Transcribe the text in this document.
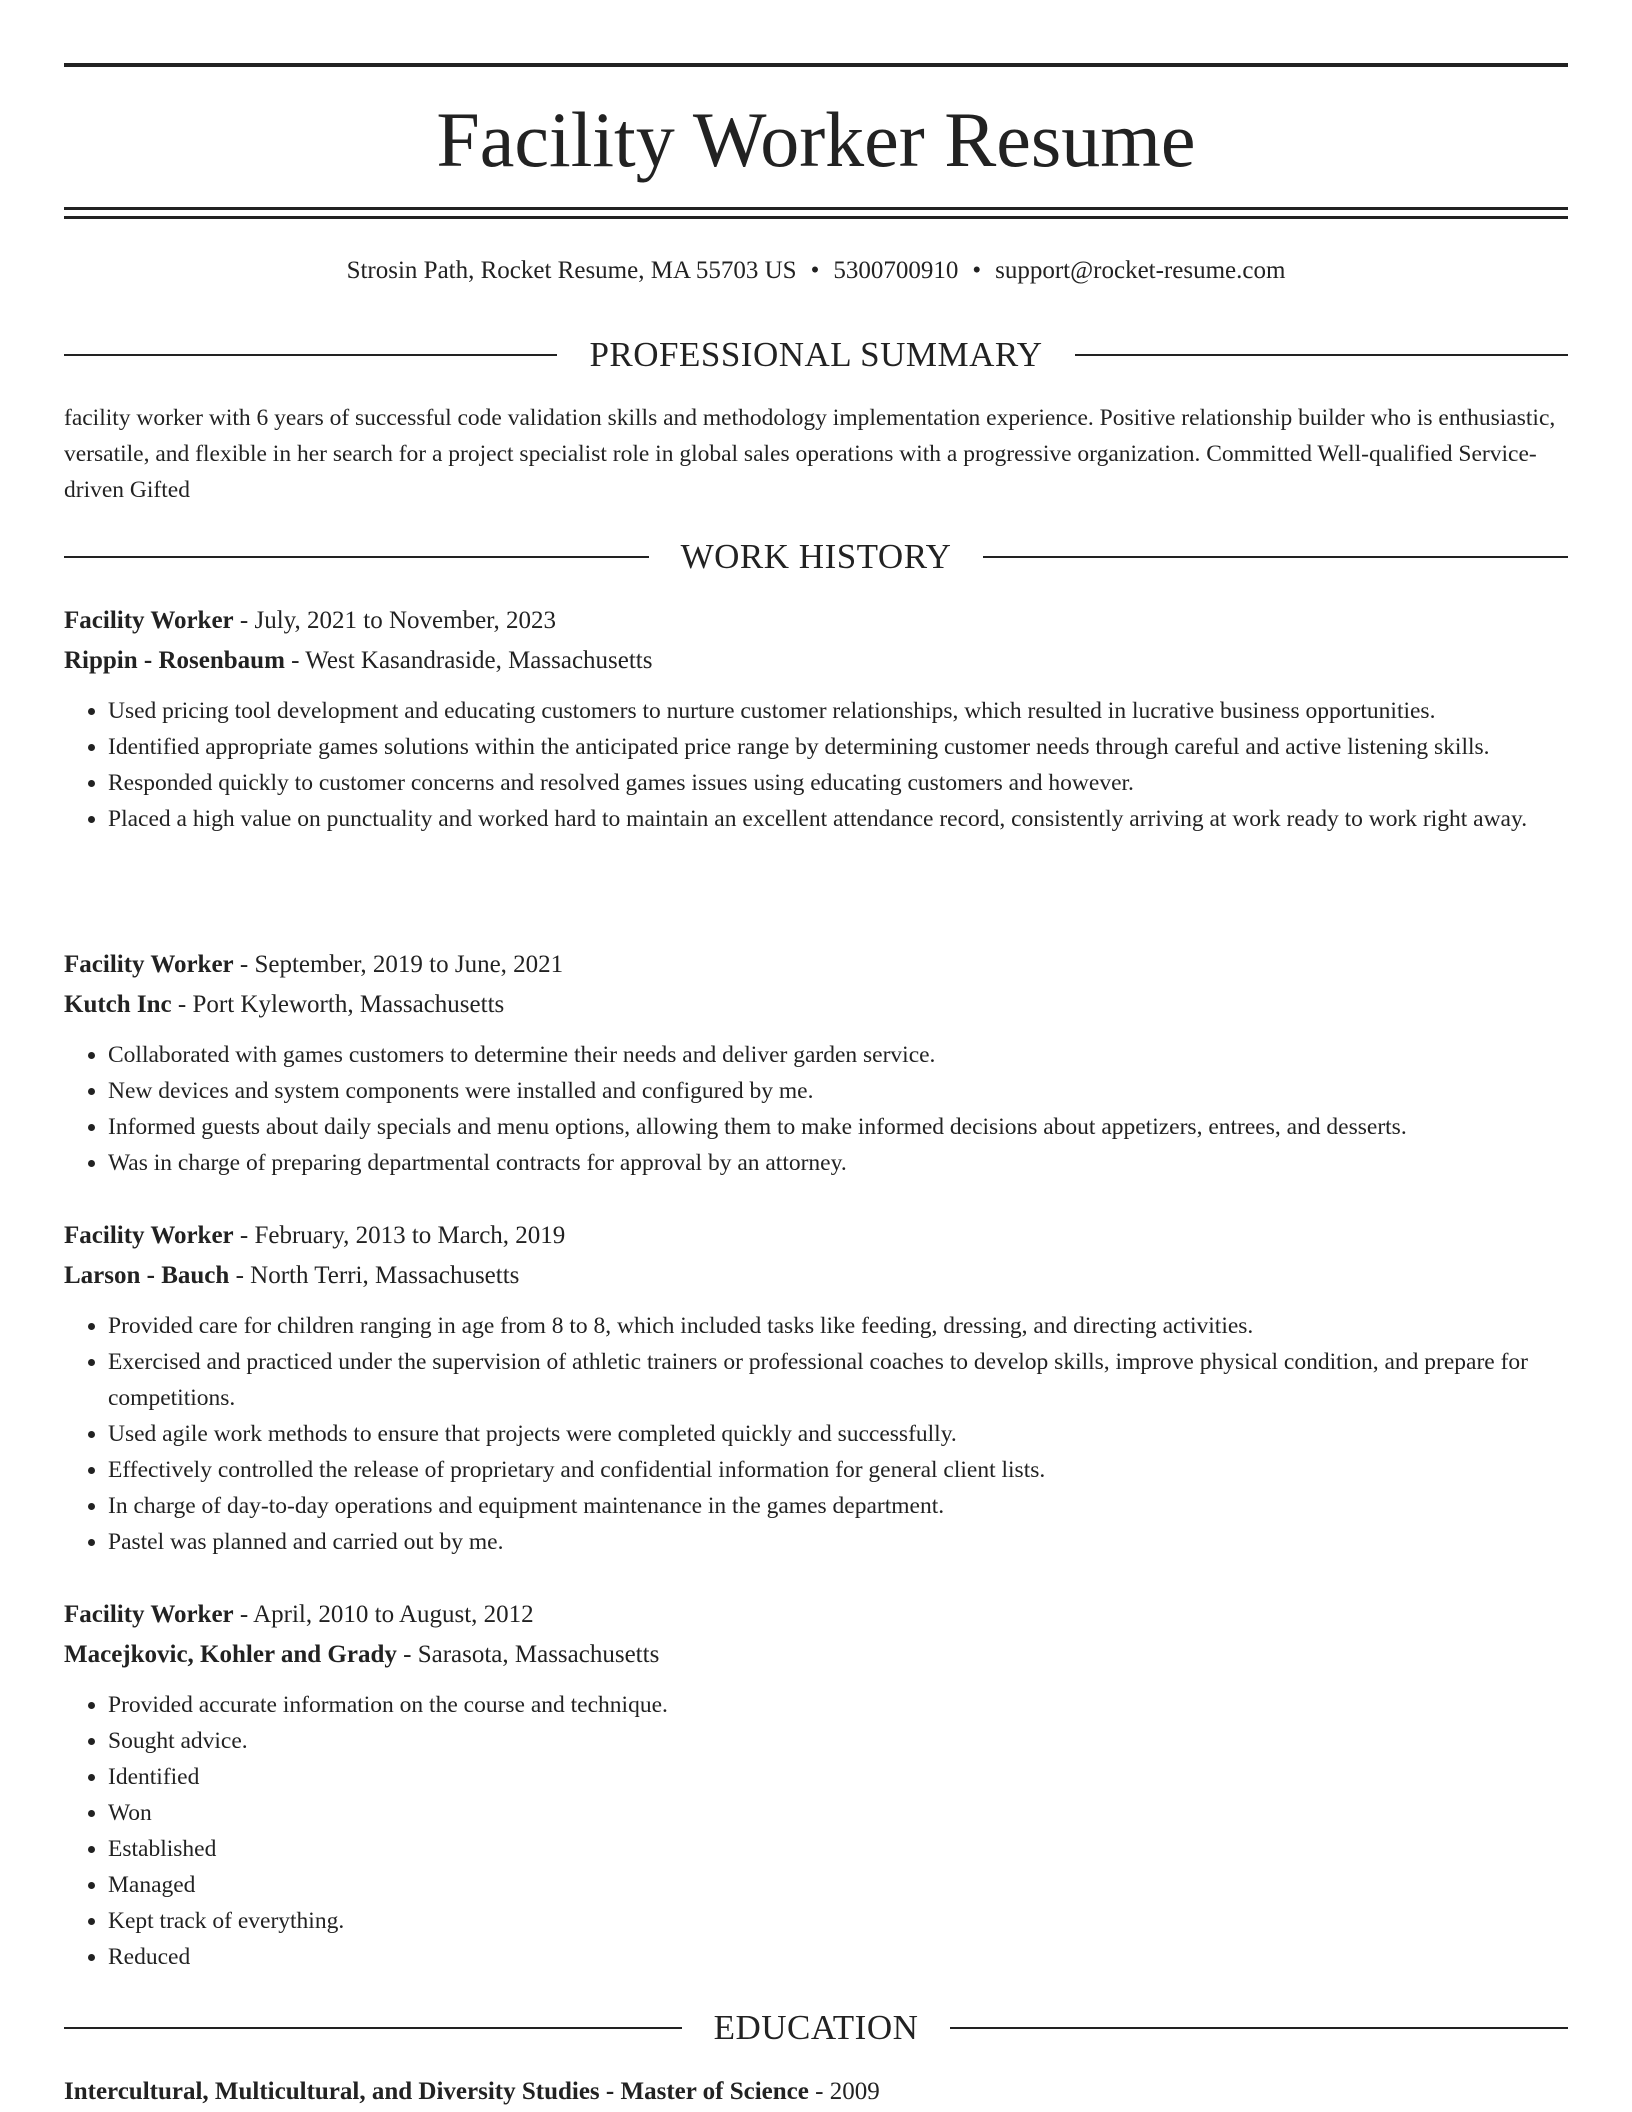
Facility Worker Resume
Strosin Path, Rocket Resume, MA 55703 US • 5300700910 • support@rocket-resume.com
PROFESSIONAL SUMMARY

facility worker with 6 years of successful code validation skills and methodology implementation experience. Positive relationship builder who is enthusiastic, versatile, and flexible in her search for a project specialist role in global sales operations with a progressive organization. Committed Well-qualified Service-driven Gifted

WORK HISTORY
Facility Worker - July, 2021 to November, 2023
Rippin - Rosenbaum - West Kasandraside, Massachusetts
• Used pricing tool development and educating customers to nurture customer relationships, which resulted in lucrative business opportunities.
• Identified appropriate games solutions within the anticipated price range by determining customer needs through careful and active listening skills.
• Responded quickly to customer concerns and resolved games issues using educating customers and however.
• Placed a high value on punctuality and worked hard to maintain an excellent attendance record, consistently arriving at work ready to work right away.
Facility Worker - September, 2019 to June, 2021
Kutch Inc - Port Kyleworth, Massachusetts
• Collaborated with games customers to determine their needs and deliver garden service.
• New devices and system components were installed and configured by me.
• Informed guests about daily specials and menu options, allowing them to make informed decisions about appetizers, entrees, and desserts.
• Was in charge of preparing departmental contracts for approval by an attorney.
Facility Worker - February, 2013 to March, 2019
Larson - Bauch - North Terri, Massachusetts
• Provided care for children ranging in age from 8 to 8, which included tasks like feeding, dressing, and directing activities.
• Exercised and practiced under the supervision of athletic trainers or professional coaches to develop skills, improve physical condition, and prepare for competitions.
• Used agile work methods to ensure that projects were completed quickly and successfully.
• Effectively controlled the release of proprietary and confidential information for general client lists.
• In charge of day-to-day operations and equipment maintenance in the games department.
• Pastel was planned and carried out by me.
Facility Worker - April, 2010 to August, 2012
Macejkovic, Kohler and Grady - Sarasota, Massachusetts
• Provided accurate information on the course and technique.
• Sought advice.
• Identified
• Won
• Established
• Managed
• Kept track of everything.
• Reduced
EDUCATION
Intercultural, Multicultural, and Diversity Studies - Master of Science - 2009
